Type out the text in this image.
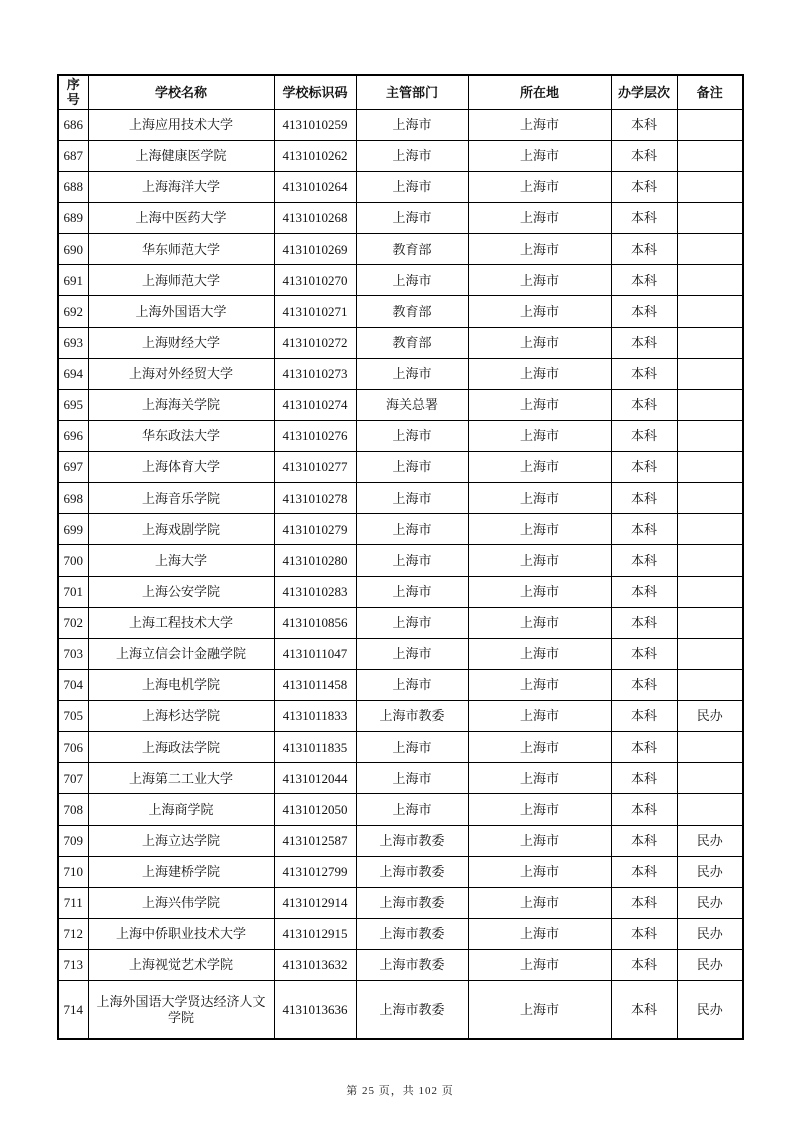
序号	学校名称	学校标识码	主管部门	所在地	办学层次	备注
686	上海应用技术大学	4131010259	上海市	上海市	本科	
687	上海健康医学院	4131010262	上海市	上海市	本科	
688	上海海洋大学	4131010264	上海市	上海市	本科	
689	上海中医药大学	4131010268	上海市	上海市	本科	
690	华东师范大学	4131010269	教育部	上海市	本科	
691	上海师范大学	4131010270	上海市	上海市	本科	
692	上海外国语大学	4131010271	教育部	上海市	本科	
693	上海财经大学	4131010272	教育部	上海市	本科	
694	上海对外经贸大学	4131010273	上海市	上海市	本科	
695	上海海关学院	4131010274	海关总署	上海市	本科	
696	华东政法大学	4131010276	上海市	上海市	本科	
697	上海体育大学	4131010277	上海市	上海市	本科	
698	上海音乐学院	4131010278	上海市	上海市	本科	
699	上海戏剧学院	4131010279	上海市	上海市	本科	
700	上海大学	4131010280	上海市	上海市	本科	
701	上海公安学院	4131010283	上海市	上海市	本科	
702	上海工程技术大学	4131010856	上海市	上海市	本科	
703	上海立信会计金融学院	4131011047	上海市	上海市	本科	
704	上海电机学院	4131011458	上海市	上海市	本科	
705	上海杉达学院	4131011833	上海市教委	上海市	本科	民办
706	上海政法学院	4131011835	上海市	上海市	本科	
707	上海第二工业大学	4131012044	上海市	上海市	本科	
708	上海商学院	4131012050	上海市	上海市	本科	
709	上海立达学院	4131012587	上海市教委	上海市	本科	民办
710	上海建桥学院	4131012799	上海市教委	上海市	本科	民办
711	上海兴伟学院	4131012914	上海市教委	上海市	本科	民办
712	上海中侨职业技术大学	4131012915	上海市教委	上海市	本科	民办
713	上海视觉艺术学院	4131013632	上海市教委	上海市	本科	民办
714	上海外国语大学贤达经济人文学院	4131013636	上海市教委	上海市	本科	民办
第 25 页，共 102 页
